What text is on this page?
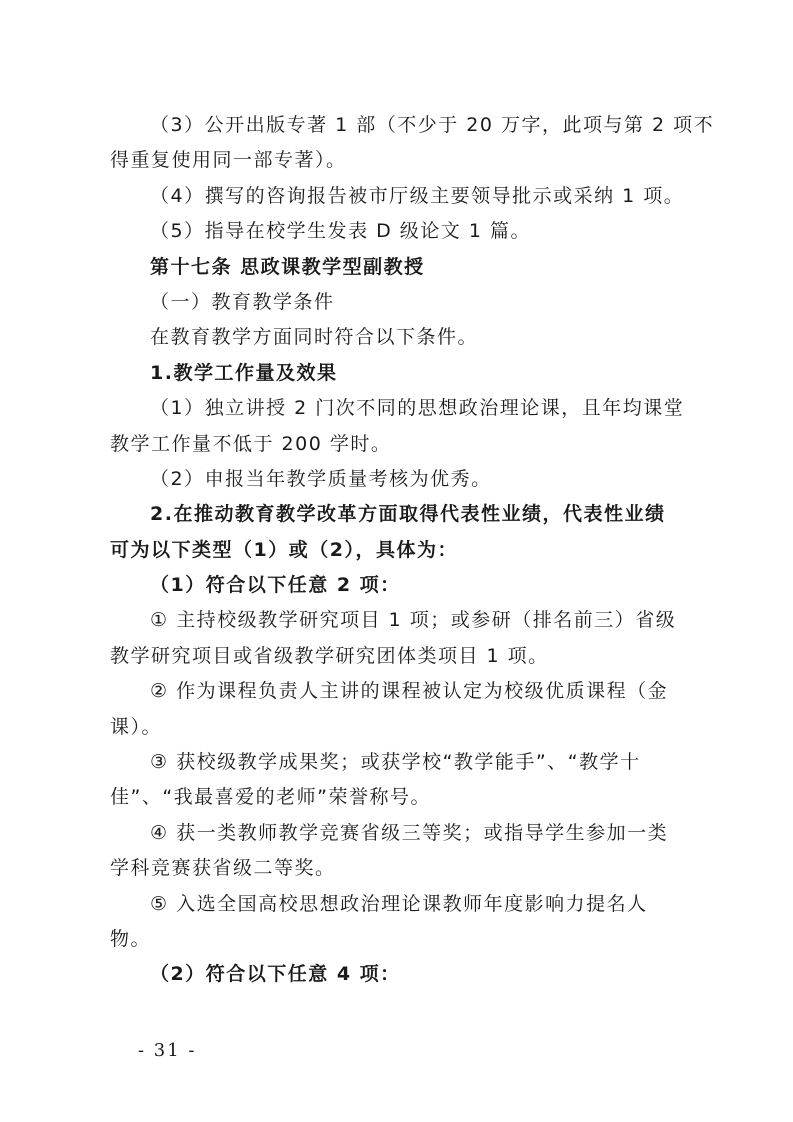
（3）公开出版专著 1 部（不少于 20 万字，此项与第 2 项不
得重复使用同一部专著）。
（4）撰写的咨询报告被市厅级主要领导批示或采纳 1 项。
（5）指导在校学生发表 D 级论文 1 篇。
第十七条 思政课教学型副教授
（一）教育教学条件
在教育教学方面同时符合以下条件。
1.教学工作量及效果
（1）独立讲授 2 门次不同的思想政治理论课，且年均课堂
教学工作量不低于 200 学时。
（2）申报当年教学质量考核为优秀。
2.在推动教育教学改革方面取得代表性业绩，代表性业绩
可为以下类型（1）或（2），具体为：
（1）符合以下任意 2 项：
① 主持校级教学研究项目 1 项；或参研（排名前三）省级
教学研究项目或省级教学研究团体类项目 1 项。
② 作为课程负责人主讲的课程被认定为校级优质课程（金
课）。
③ 获校级教学成果奖；或获学校“教学能手”、“教学十
佳”、“我最喜爱的老师”荣誉称号。
④ 获一类教师教学竞赛省级三等奖；或指导学生参加一类
学科竞赛获省级二等奖。
⑤ 入选全国高校思想政治理论课教师年度影响力提名人
物。
（2）符合以下任意 4 项：
- 31 -
